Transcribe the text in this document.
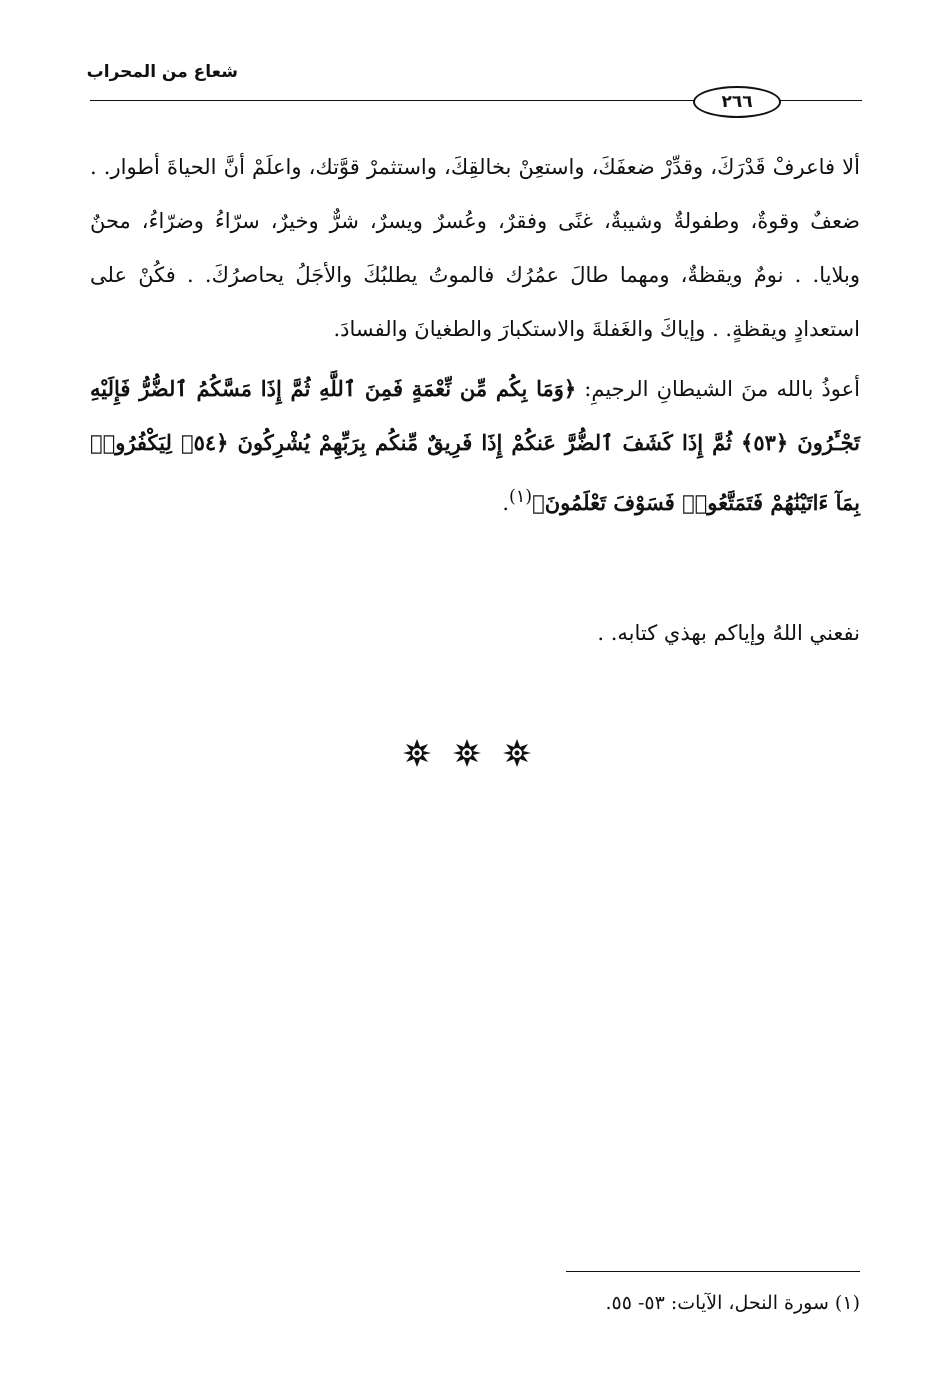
شعاع من المحراب
٢٦٦

ألا فاعرفْ قَدْرَكَ، وقدِّرْ ضعفَكَ، واستعِنْ بخالقِكَ، واستثمرْ قوَّتك، واعلَمْ أنَّ الحياةَ أطوار. . ضعفٌ وقوةٌ، وطفولةٌ وشيبةٌ، غنًى وفقرٌ، وعُسرٌ ويسرٌ، شرٌّ وخيرٌ، سرّاءُ وضرّاءُ، محنٌ وبلايا. . نومٌ ويقظةٌ، ومهما طالَ عمُرُك فالموتُ يطلبُكَ والأجَلُ يحاصرُكَ. . فكُنْ على استعدادٍ ويقظةٍ. . وإياكَ والغَفلةَ والاستكبارَ والطغيانَ والفسادَ.

أعوذُ بالله منَ الشيطانِ الرجيمِ: ﴿وَمَا بِكُم مِّن نِّعْمَةٍ فَمِنَ ٱللَّهِ ثُمَّ إِذَا مَسَّكُمُ ٱلضُّرُّ فَإِلَيْهِ تَجْـَٔرُونَ ﴿٥٣﴾ ثُمَّ إِذَا كَشَفَ ٱلضُّرَّ عَنكُمْ إِذَا فَرِيقٌ مِّنكُم بِرَبِّهِمْ يُشْرِكُونَ ﴿٥٤﴾ لِيَكْفُرُوا۟ بِمَآ ءَاتَيْنَٰهُمْ فَتَمَتَّعُوا۟ فَسَوْفَ تَعْلَمُونَ﴾$^{(١)}$.

نفعني اللهُ وإياكم بهذي كتابه. .
(١) سورة النحل، الآيات: ٥٣- ٥٥.
